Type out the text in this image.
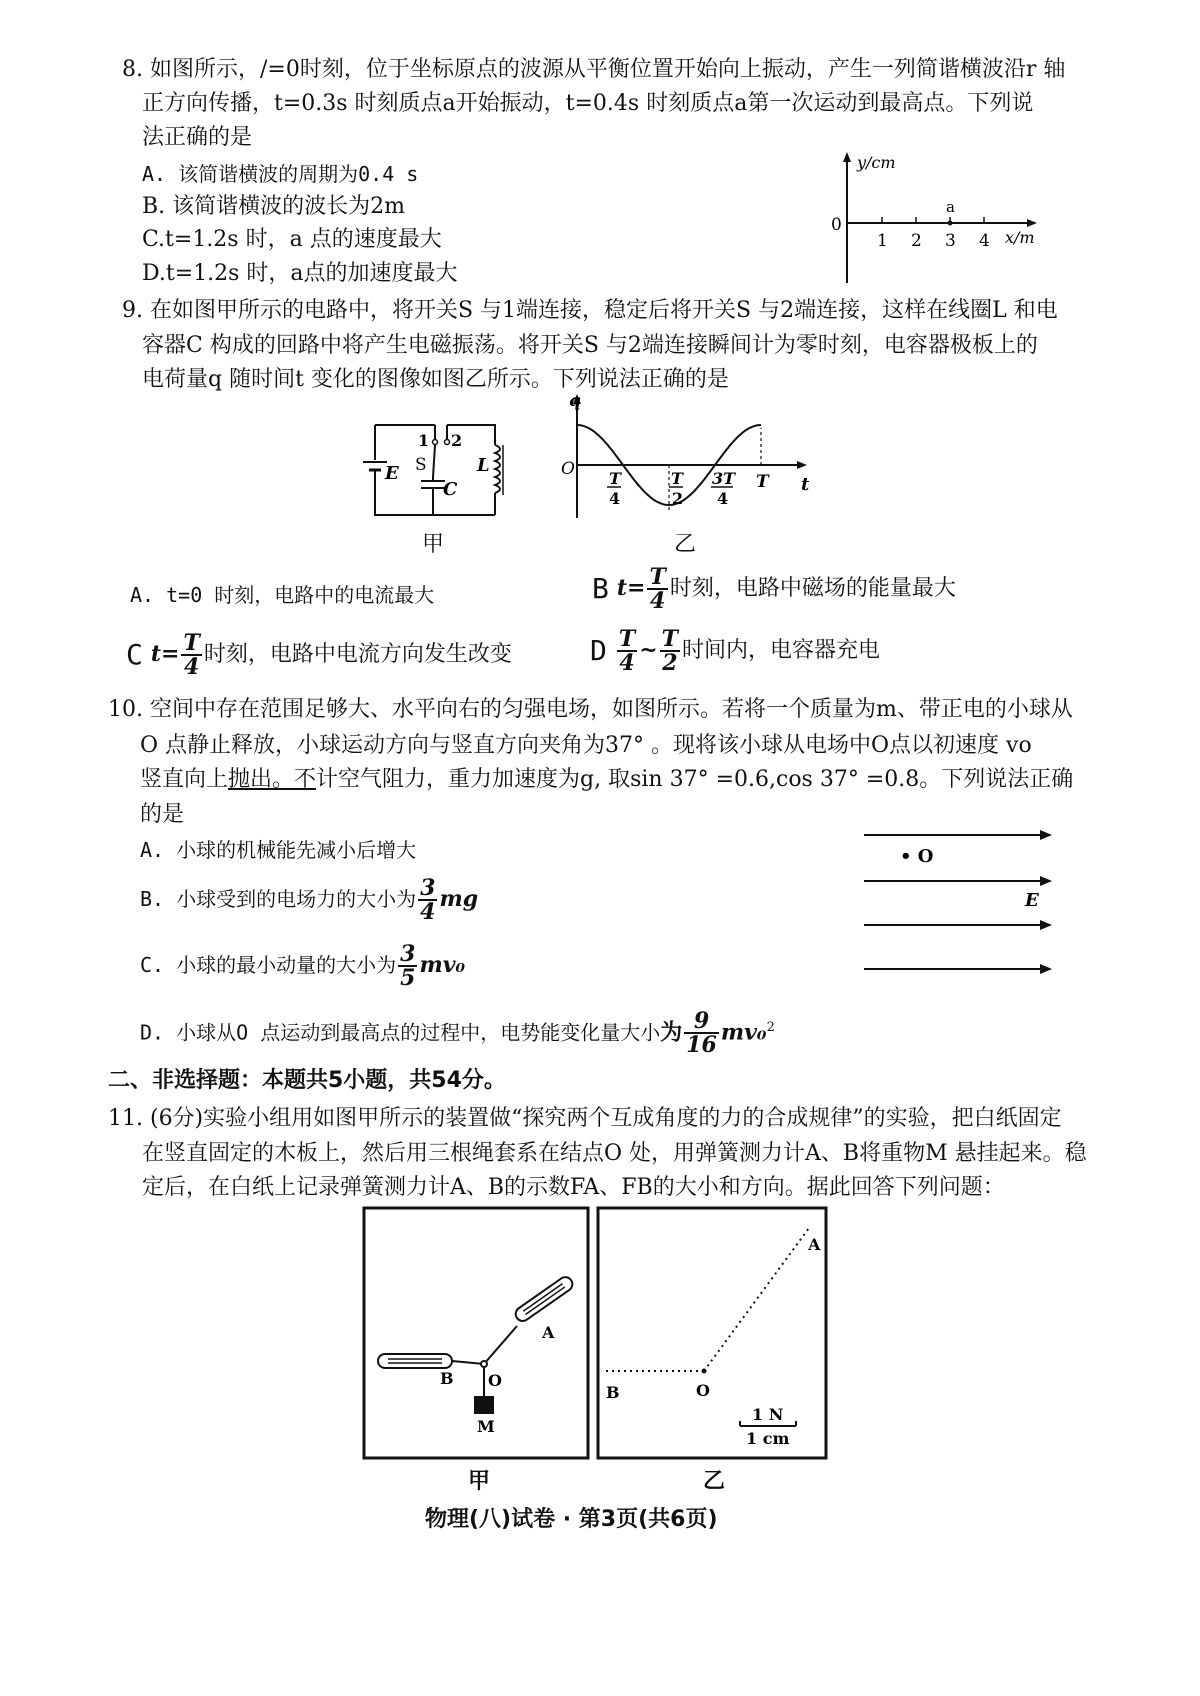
8. 如图所示，/=0时刻，位于坐标原点的波源从平衡位置开始向上振动，产生一列简谐横波沿r 轴
正方向传播，t=0.3s 时刻质点a开始振动，t=0.4s 时刻质点a第一次运动到最高点。下列说
法正确的是
A. 该简谐横波的周期为0.4 s
B. 该简谐横波的波长为2m
C.t=1.2s 时，a 点的速度最大
D.t=1.2s 时，a点的加速度最大
y/cm
0
a
1 2 3 4 x/m
9. 在如图甲所示的电路中，将开关S 与1端连接，稳定后将开关S 与2端连接，这样在线圈L 和电
容器C 构成的回路中将产生电磁振荡。将开关S 与2端连接瞬间计为零时刻，电容器极板上的
电荷量q 随时间t 变化的图像如图乙所示。下列说法正确的是
E S
C
L
1 2
甲
q
O
t
T
4
T
2
3T
4
T
乙
A. t=0 时刻，电路中的电流最大	B $t= \frac{T}{4}$ 时刻，电路中磁场的能量最大
C $t= \frac{T}{4}$ 时刻，电路中电流方向发生改变	D $\frac{T}{4}$ ~ $\frac{T}{2}$ 时间内，电容器充电
10. 空间中存在范围足够大、水平向右的匀强电场，如图所示。若将一个质量为m、带正电的小球从
O 点静止释放，小球运动方向与竖直方向夹角为37° 。现将该小球从电场中O点以初速度 vo
竖直向上抛出。不计空气阻力，重力加速度为g, 取sin 37° =0.6,cos 37° =0.8。下列说法正确
的是
A. 小球的机械能先减小后增大
B. 小球受到的电场力的大小为 $\frac{3}{4}$ mg
C. 小球的最小动量的大小为 $\frac{3}{5} mv_0$
D. 小球从O 点运动到最高点的过程中，电势能变化量大小为 $\frac{9}{16} mv_0^2$
• O
E
二、非选择题：本题共5小题，共54分。
11. (6分)实验小组用如图甲所示的装置做“探究两个互成角度的力的合成规律”的实验，把白纸固定
在竖直固定的木板上，然后用三根绳套系在结点O 处，用弹簧测力计A、B将重物M 悬挂起来。稳
定后，在白纸上记录弹簧测力计A、B的示数FA、FB的大小和方向。据此回答下列问题：
A
B O
M
甲
A
B	O
1 N
1 cm
乙
物理(八)试卷 · 第3页(共6页)
